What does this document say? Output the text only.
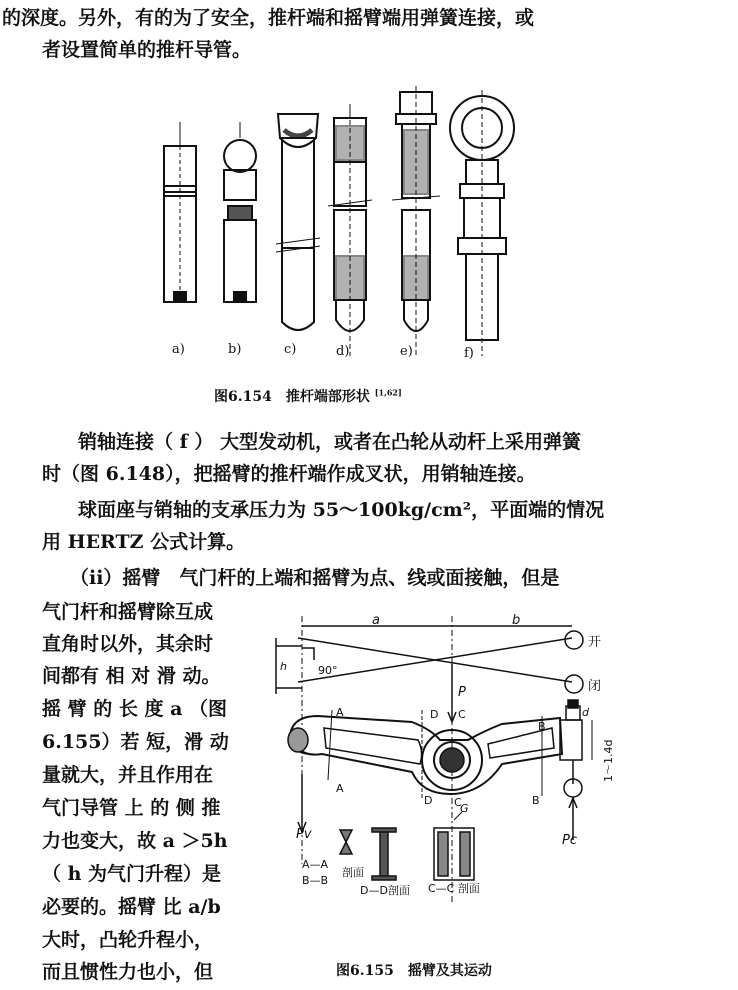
的深度。另外，有的为了安全，推杆端和摇臂端用弹簧连接，或
者设置简单的推杆导管。
a)	b)	c)	d)	e)	f)
图6.154　推杆端部形状 [1,62]
销轴连接（ f ） 大型发动机，或者在凸轮从动杆上采用弹簧
时（图 6.148），把摇臂的推杆端作成叉状，用销轴连接。
球面座与销轴的支承压力为 55～100kg/cm²，平面端的情况
用 HERTZ 公式计算。
（ii）摇臂　气门杆的上端和摇臂为点、线或面接触，但是
气门杆和摇臂除互成
直角时以外，其余时
间都有 相 对 滑 动。
摇 臂 的 长 度 a （图
6.155）若 短，滑 动
量就大，并且作用在
气门导管 上 的 侧 推
力也变大，故 a ＞5h
（ h 为气门升程）是
必要的。摇臂 比 a/b
大时，凸轮升程小，
而且惯性力也小，但
a	b
开
闭
90°
h
P
A
A
D
D
C
C
B
B
d
1～1.4d
Pv	Pc
G
A—A
B—B
剖面
D—D剖面 C—C 剖面
图6.155　摇臂及其运动
